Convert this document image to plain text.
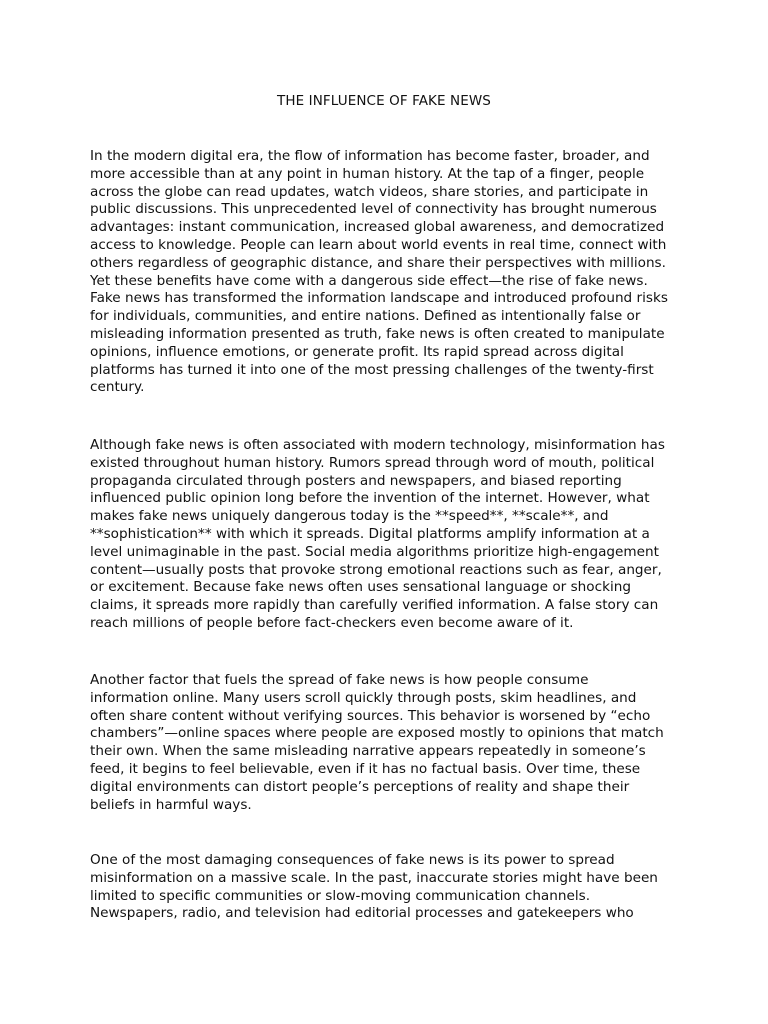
THE INFLUENCE OF FAKE NEWS
In the modern digital era, the flow of information has become faster, broader, and
more accessible than at any point in human history. At the tap of a finger, people
across the globe can read updates, watch videos, share stories, and participate in
public discussions. This unprecedented level of connectivity has brought numerous
advantages: instant communication, increased global awareness, and democratized
access to knowledge. People can learn about world events in real time, connect with
others regardless of geographic distance, and share their perspectives with millions.
Yet these benefits have come with a dangerous side effect—the rise of fake news.
Fake news has transformed the information landscape and introduced profound risks
for individuals, communities, and entire nations. Defined as intentionally false or
misleading information presented as truth, fake news is often created to manipulate
opinions, influence emotions, or generate profit. Its rapid spread across digital
platforms has turned it into one of the most pressing challenges of the twenty-first
century.
Although fake news is often associated with modern technology, misinformation has
existed throughout human history. Rumors spread through word of mouth, political
propaganda circulated through posters and newspapers, and biased reporting
influenced public opinion long before the invention of the internet. However, what
makes fake news uniquely dangerous today is the **speed**, **scale**, and
**sophistication** with which it spreads. Digital platforms amplify information at a
level unimaginable in the past. Social media algorithms prioritize high-engagement
content—usually posts that provoke strong emotional reactions such as fear, anger,
or excitement. Because fake news often uses sensational language or shocking
claims, it spreads more rapidly than carefully verified information. A false story can
reach millions of people before fact-checkers even become aware of it.
Another factor that fuels the spread of fake news is how people consume
information online. Many users scroll quickly through posts, skim headlines, and
often share content without verifying sources. This behavior is worsened by “echo
chambers”—online spaces where people are exposed mostly to opinions that match
their own. When the same misleading narrative appears repeatedly in someone’s
feed, it begins to feel believable, even if it has no factual basis. Over time, these
digital environments can distort people’s perceptions of reality and shape their
beliefs in harmful ways.
One of the most damaging consequences of fake news is its power to spread
misinformation on a massive scale. In the past, inaccurate stories might have been
limited to specific communities or slow-moving communication channels.
Newspapers, radio, and television had editorial processes and gatekeepers who
